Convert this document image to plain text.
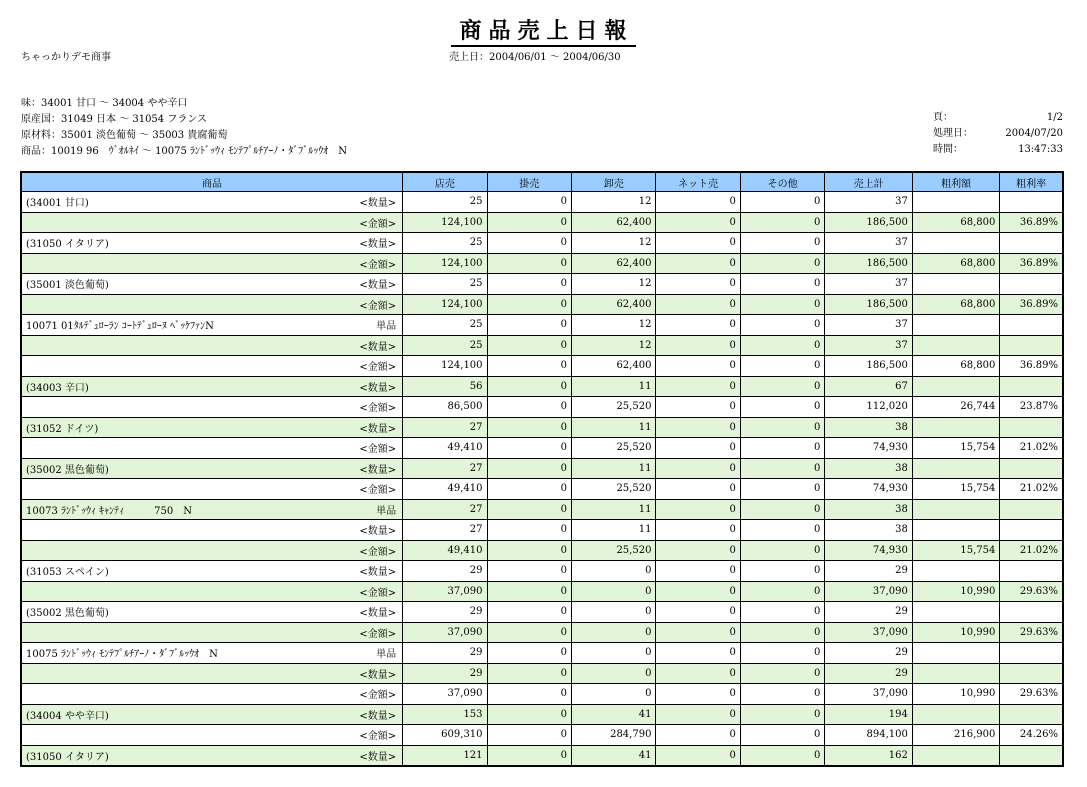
商品売上日報
ちゃっかりデモ商事	売上日：2004/06/01 ～ 2004/06/30
味：34001 甘口 ～ 34004 やや辛口
原産国：31049 日本 ～ 31054 フランス
原材料：35001 淡色葡萄 ～ 35003 貴腐葡萄
商品：10019 96　ｳﾞｵﾙﾈｲ ～ 10075 ﾗﾝﾄﾞｯｳｨ ﾓﾝﾃﾌﾟﾙﾁｱｰﾉ・ﾀﾞﾌﾞﾙｯｳｵ　N
頁：
処理日：
時間：
1/2
2004/07/20
13:47:33
商品		店売	掛売	卸売	ネット売	その他	売上計	粗利額	粗利率
(34001 甘口)	<数量>	25	0	12	0	0	37		
	<金額>	124,100	0	62,400	0	0	186,500	68,800	36.89%
(31050 イタリア)	<数量>	25	0	12	0	0	37		
	<金額>	124,100	0	62,400	0	0	186,500	68,800	36.89%
(35001 淡色葡萄)	<数量>	25	0	12	0	0	37		
	<金額>	124,100	0	62,400	0	0	186,500	68,800	36.89%
10071 01ﾀﾙﾃﾞｭﾛｰﾗﾝ ｺｰﾄﾃﾞｭﾛｰﾇ ﾍﾞｯｹﾌｧﾝN	単品	25	0	12	0	0	37		
	<数量>	25	0	12	0	0	37		
	<金額>	124,100	0	62,400	0	0	186,500	68,800	36.89%
(34003 辛口)	<数量>	56	0	11	0	0	67		
	<金額>	86,500	0	25,520	0	0	112,020	26,744	23.87%
(31052 ドイツ)	<数量>	27	0	11	0	0	38		
	<金額>	49,410	0	25,520	0	0	74,930	15,754	21.02%
(35002 黒色葡萄)	<数量>	27	0	11	0	0	38		
	<金額>	49,410	0	25,520	0	0	74,930	15,754	21.02%
10073 ﾗﾝﾄﾞｯｳｨ ｷｬﾝﾃｨ　　　750　N	単品	27	0	11	0	0	38		
	<数量>	27	0	11	0	0	38		
	<金額>	49,410	0	25,520	0	0	74,930	15,754	21.02%
(31053 スペイン)	<数量>	29	0	0	0	0	29		
	<金額>	37,090	0	0	0	0	37,090	10,990	29.63%
(35002 黒色葡萄)	<数量>	29	0	0	0	0	29		
	<金額>	37,090	0	0	0	0	37,090	10,990	29.63%
10075 ﾗﾝﾄﾞｯｳｨ ﾓﾝﾃﾌﾟﾙﾁｱｰﾉ・ﾀﾞﾌﾞﾙｯｳｵ　N	単品	29	0	0	0	0	29		
	<数量>	29	0	0	0	0	29		
	<金額>	37,090	0	0	0	0	37,090	10,990	29.63%
(34004 やや辛口)	<数量>	153	0	41	0	0	194		
	<金額>	609,310	0	284,790	0	0	894,100	216,900	24.26%
(31050 イタリア)	<数量>	121	0	41	0	0	162		
